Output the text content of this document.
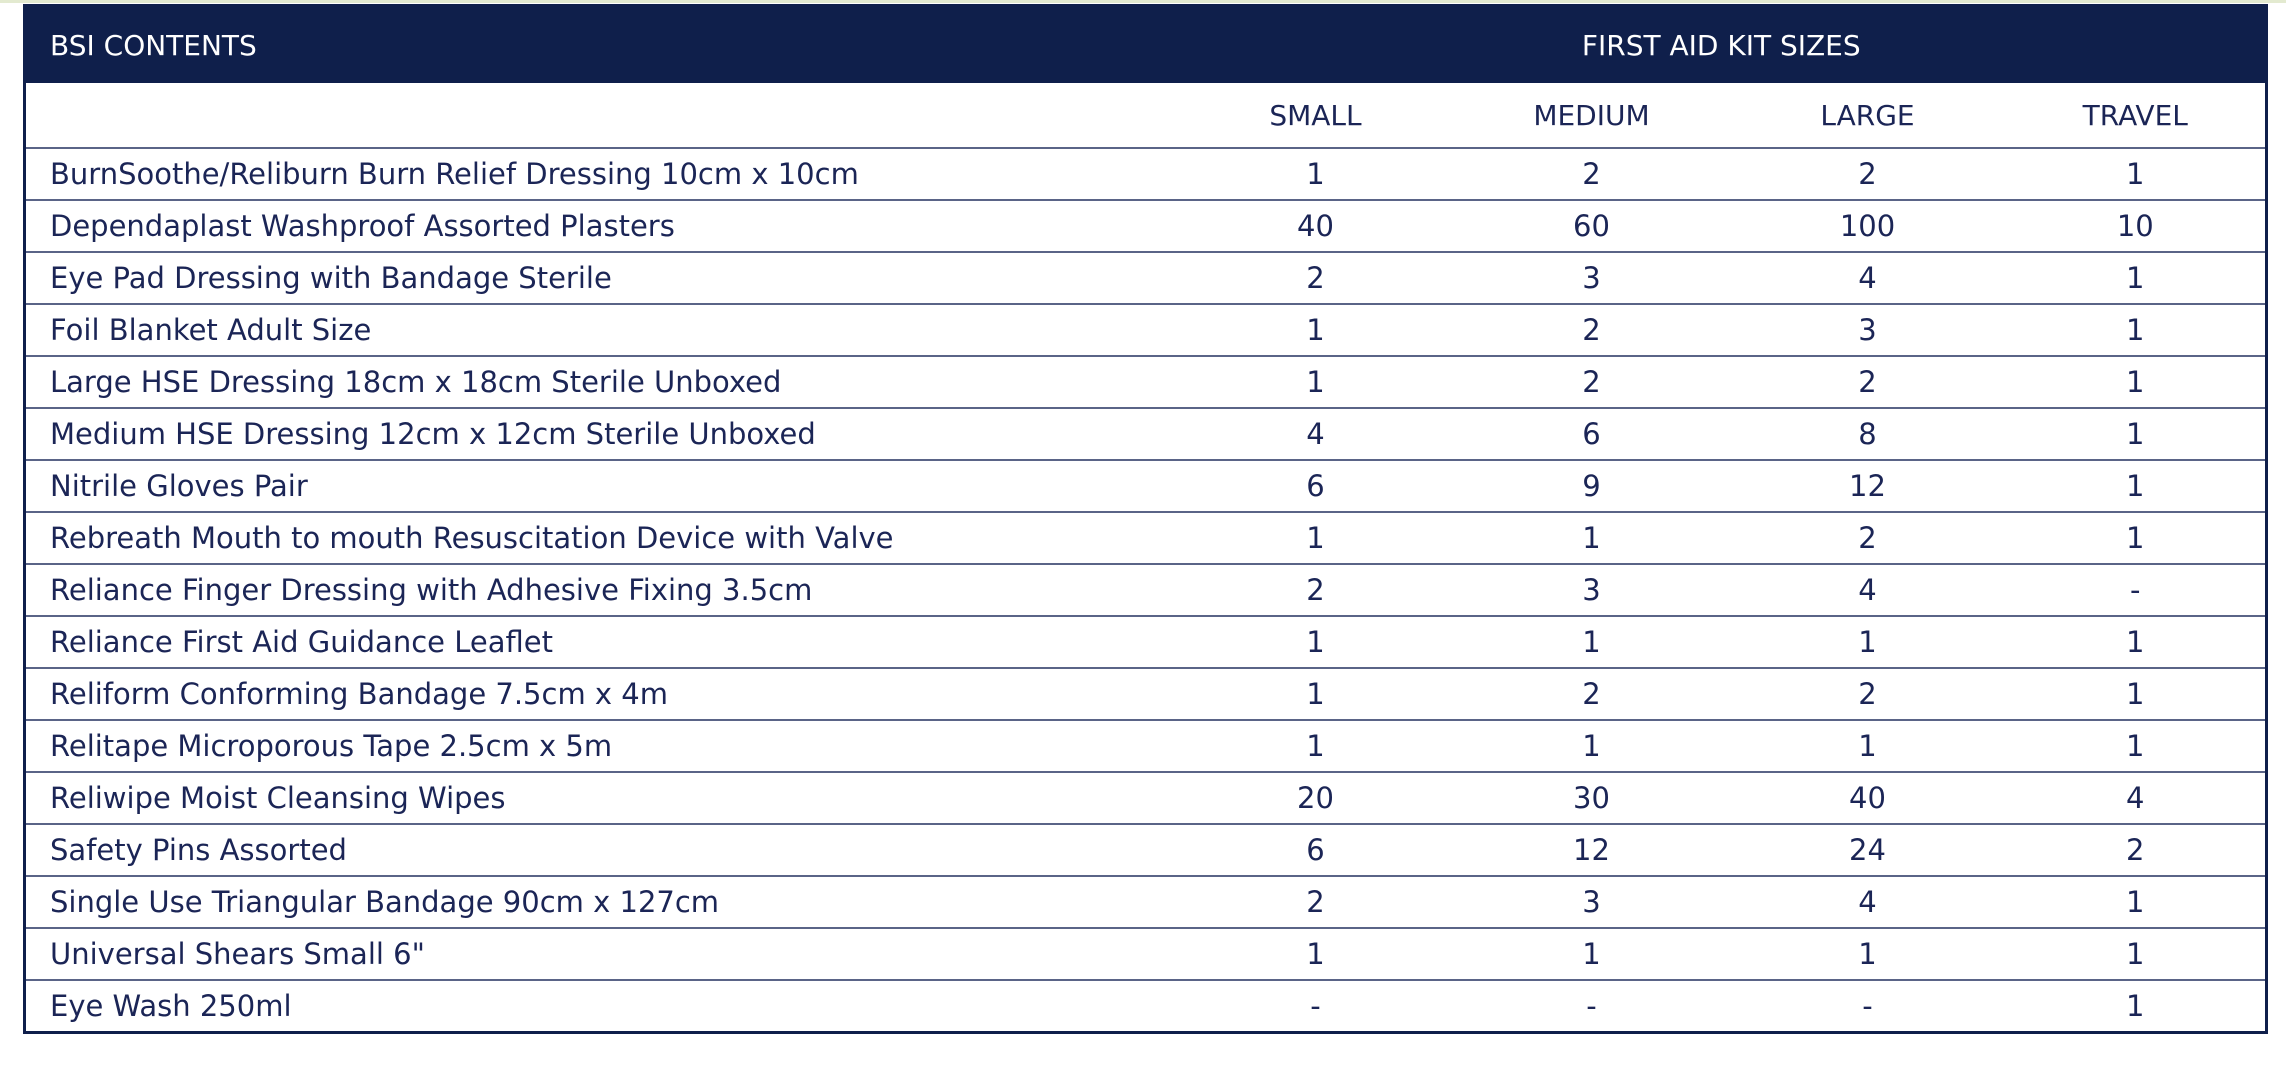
BSI CONTENTS	FIRST AID KIT SIZES			
	SMALL	MEDIUM	LARGE	TRAVEL
BurnSoothe/Reliburn Burn Relief Dressing 10cm x 10cm	1	2	2	1
Dependaplast Washproof Assorted Plasters	40	60	100	10
Eye Pad Dressing with Bandage Sterile	2	3	4	1
Foil Blanket Adult Size	1	2	3	1
Large HSE Dressing 18cm x 18cm Sterile Unboxed	1	2	2	1
Medium HSE Dressing 12cm x 12cm Sterile Unboxed	4	6	8	1
Nitrile Gloves Pair	6	9	12	1
Rebreath Mouth to mouth Resuscitation Device with Valve	1	1	2	1
Reliance Finger Dressing with Adhesive Fixing 3.5cm	2	3	4	-
Reliance First Aid Guidance Leaflet	1	1	1	1
Reliform Conforming Bandage 7.5cm x 4m	1	2	2	1
Relitape Microporous Tape 2.5cm x 5m	1	1	1	1
Reliwipe Moist Cleansing Wipes	20	30	40	4
Safety Pins Assorted	6	12	24	2
Single Use Triangular Bandage 90cm x 127cm	2	3	4	1
Universal Shears Small 6"	1	1	1	1
Eye Wash 250ml	-	-	-	1
